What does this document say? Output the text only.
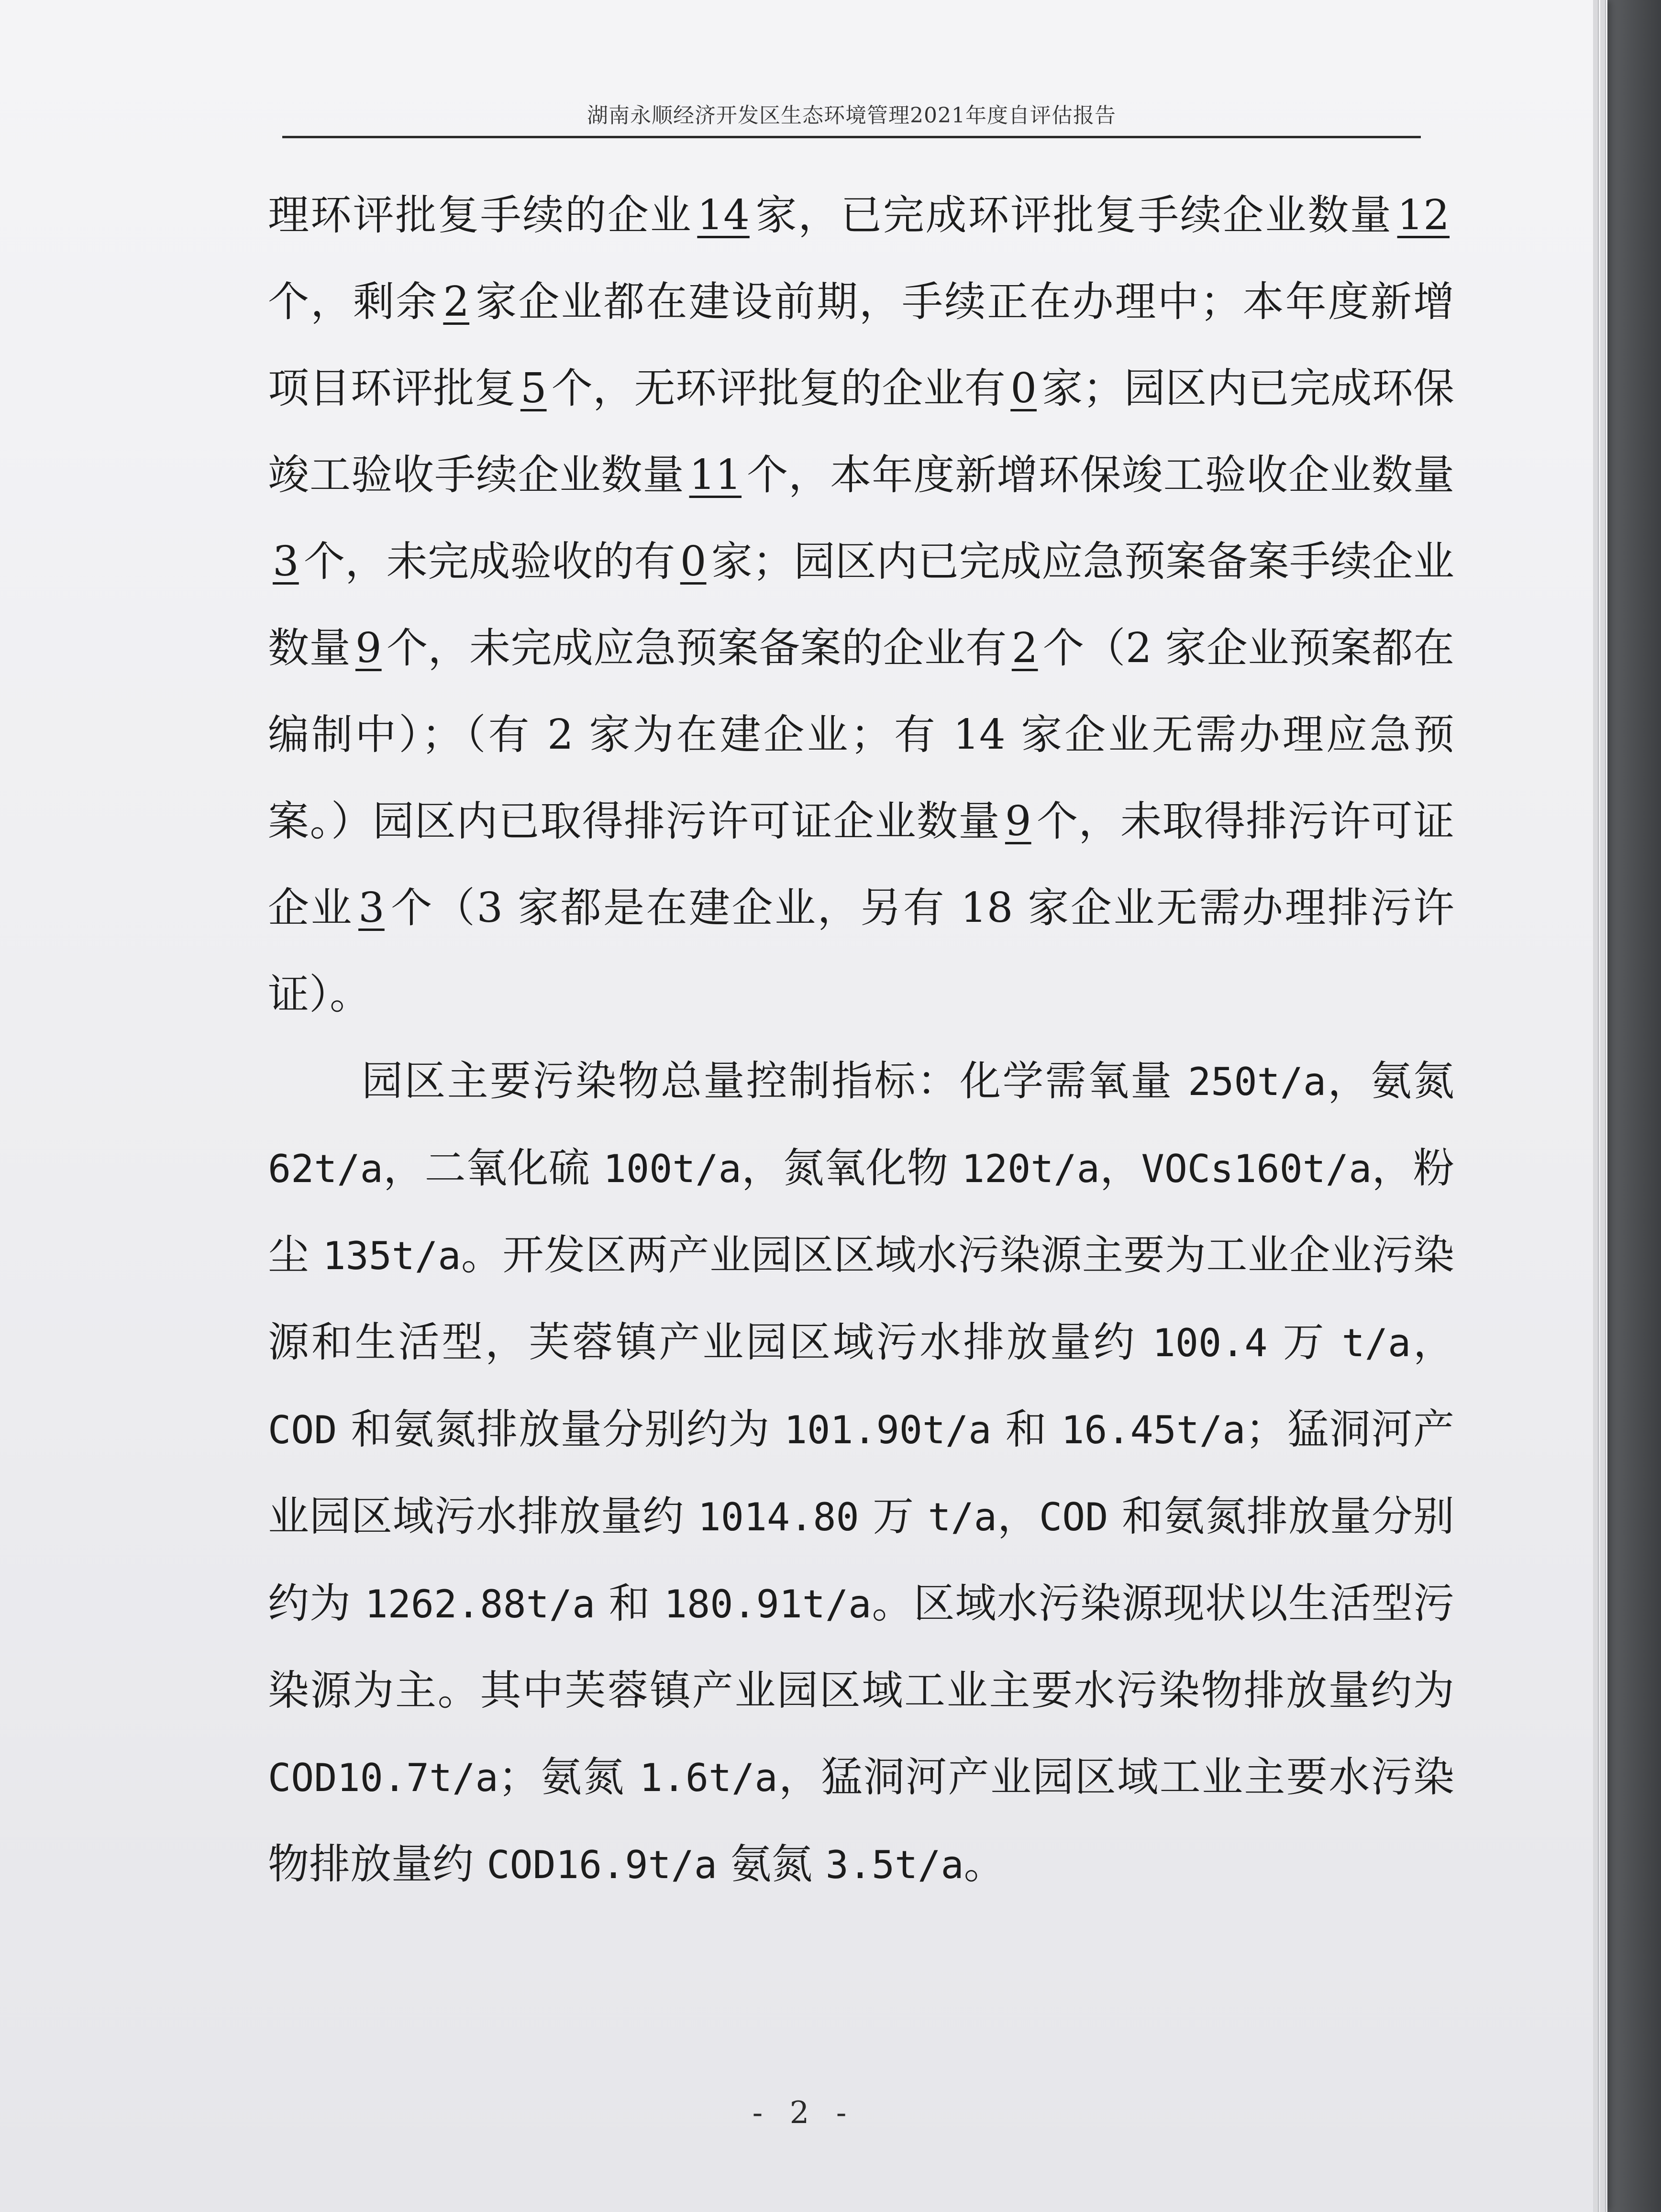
湖南永顺经济开发区生态环境管理2021年度自评估报告

理环评批复手续的企业 14 家，已完成环评批复手续企业数量 12个，剩余 2 家企业都在建设前期，手续正在办理中；本年度新增项目环评批复 5 个，无环评批复的企业有 0 家；园区内已完成环保竣工验收手续企业数量 11 个，本年度新增环保竣工验收企业数量3 个，未完成验收的有 0 家；园区内已完成应急预案备案手续企业数量 9 个，未完成应急预案备案的企业有 2 个（2 家企业预案都在编制中）；（有 2 家为在建企业；有 14 家企业无需办理应急预案。）园区内已取得排污许可证企业数量 9 个，未取得排污许可证企业 3 个（3 家都是在建企业，另有 18 家企业无需办理排污许证）。

园区主要污染物总量控制指标：化学需氧量 250t/a，氨氮 62t/a，二氧化硫 100t/a，氮氧化物 120t/a，VOCs160t/a，粉尘 135t/a。开发区两产业园区区域水污染源主要为工业企业污染源和生活型，芙蓉镇产业园区域污水排放量约 100.4 万 t/a，COD 和氨氮排放量分别约为 101.90t/a 和 16.45t/a；猛洞河产业园区域污水排放量约 1014.80 万 t/a，COD 和氨氮排放量分别约为 1262.88t/a 和 180.91t/a。区域水污染源现状以生活型污染源为主。其中芙蓉镇产业园区域工业主要水污染物排放量约为 COD10.7t/a；氨氮 1.6t/a，猛洞河产业园区域工业主要水污染物排放量约 COD16.9t/a 氨氮 3.5t/a。

- 2 -
